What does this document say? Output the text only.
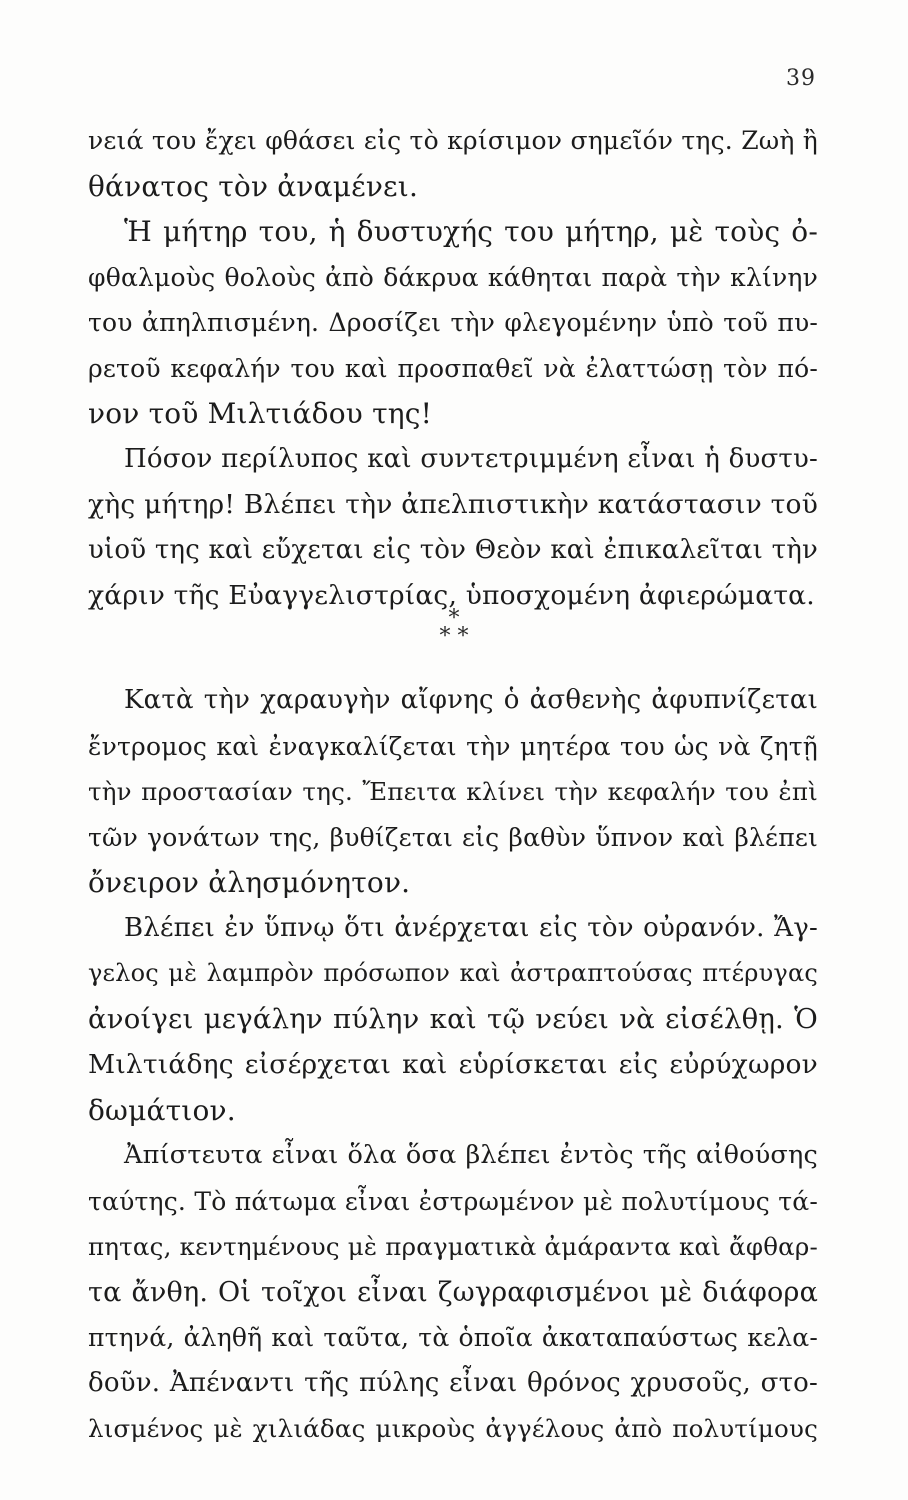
39
νειά του ἔχει φθάσει εἰς τὸ κρίσιμον σημεῖόν της. Ζωὴ ἢ
θάνατος τὸν ἀναμένει.
Ἡ μήτηρ του, ἡ δυστυχής του μήτηρ, μὲ τοὺς ὀ-
φθαλμοὺς θολοὺς ἀπὸ δάκρυα κάθηται παρὰ τὴν κλίνην
του ἀπηλπισμένη. Δροσίζει τὴν φλεγομένην ὑπὸ τοῦ πυ-
ρετοῦ κεφαλήν του καὶ προσπαθεῖ νὰ ἐλαττώσῃ τὸν πό-
νον τοῦ Μιλτιάδου της!
Πόσον περίλυπος καὶ συντετριμμένη εἶναι ἡ δυστυ-
χὴς μήτηρ! Βλέπει τὴν ἀπελπιστικὴν κατάστασιν τοῦ
υἱοῦ της καὶ εὔχεται εἰς τὸν Θεὸν καὶ ἐπικαλεῖται τὴν
χάριν τῆς Εὐαγγελιστρίας, ὑποσχομένη ἀφιερώματα.
*
* *
Κατὰ τὴν χαραυγὴν αἴφνης ὁ ἀσθενὴς ἀφυπνίζεται
ἔντρομος καὶ ἐναγκαλίζεται τὴν μητέρα του ὡς νὰ ζητῇ
τὴν προστασίαν της. Ἔπειτα κλίνει τὴν κεφαλήν του ἐπὶ
τῶν γονάτων της, βυθίζεται εἰς βαθὺν ὕπνον καὶ βλέπει
ὄνειρον ἀλησμόνητον.
Βλέπει ἐν ὕπνῳ ὅτι ἀνέρχεται εἰς τὸν οὐρανόν. Ἄγ-
γελος μὲ λαμπρὸν πρόσωπον καὶ ἀστραπτούσας πτέρυγας
ἀνοίγει μεγάλην πύλην καὶ τῷ νεύει νὰ εἰσέλθῃ. Ὁ
Μιλτιάδης εἰσέρχεται καὶ εὑρίσκεται εἰς εὐρύχωρον
δωμάτιον.
Ἀπίστευτα εἶναι ὅλα ὅσα βλέπει ἐντὸς τῆς αἰθούσης
ταύτης. Τὸ πάτωμα εἶναι ἐστρωμένον μὲ πολυτίμους τά-
πητας, κεντημένους μὲ πραγματικὰ ἀμάραντα καὶ ἄφθαρ-
τα ἄνθη. Οἱ τοῖχοι εἶναι ζωγραφισμένοι μὲ διάφορα
πτηνά, ἀληθῆ καὶ ταῦτα, τὰ ὁποῖα ἀκαταπαύστως κελα-
δοῦν. Ἀπέναντι τῆς πύλης εἶναι θρόνος χρυσοῦς, στο-
λισμένος μὲ χιλιάδας μικροὺς ἀγγέλους ἀπὸ πολυτίμους
